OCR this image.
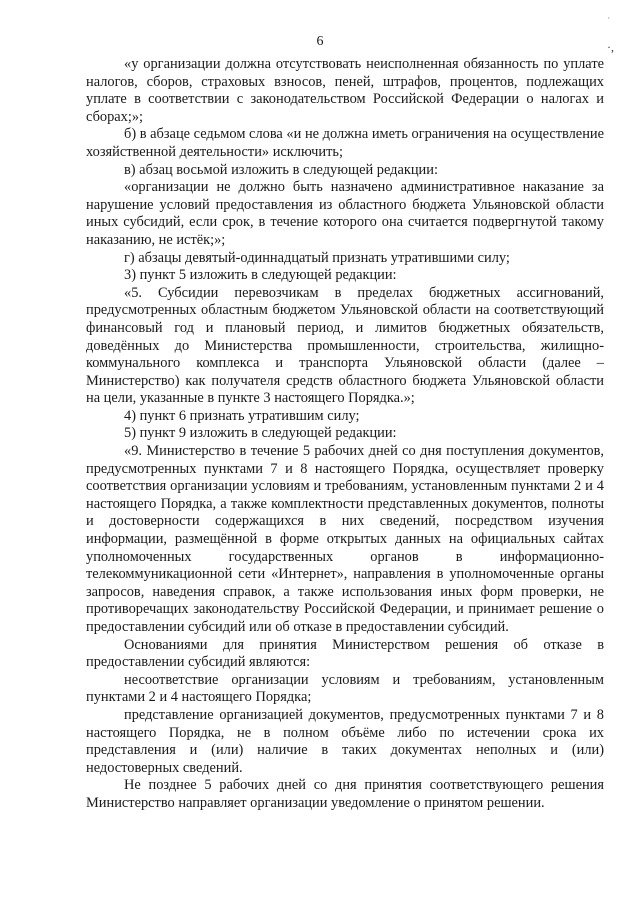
·
6	·,

«у организации должна отсутствовать неисполненная обязанность по уплате налогов, сборов, страховых взносов, пеней, штрафов, процентов, подлежащих уплате в соответствии с законодательством Российской Федерации о налогах и сборах;»;

б) в абзаце седьмом слова «и не должна иметь ограничения на осуществление хозяйственной деятельности» исключить;

в) абзац восьмой изложить в следующей редакции:

«организации не должно быть назначено административное наказание за нарушение условий предоставления из областного бюджета Ульяновской области иных субсидий, если срок, в течение которого она считается подвергнутой такому наказанию, не истёк;»;

г) абзацы девятый-одиннадцатый признать утратившими силу;

3) пункт 5 изложить в следующей редакции:

«5. Субсидии перевозчикам в пределах бюджетных ассигнований, предусмотренных областным бюджетом Ульяновской области на соответствующий финансовый год и плановый период, и лимитов бюджетных обязательств, доведённых до Министерства промышленности, строительства, жилищно-коммунального комплекса и транспорта Ульяновской области (далее – Министерство) как получателя средств областного бюджета Ульяновской области на цели, указанные в пункте 3 настоящего Порядка.»;

4) пункт 6 признать утратившим силу;

5) пункт 9 изложить в следующей редакции:

«9. Министерство в течение 5 рабочих дней со дня поступления документов, предусмотренных пунктами 7 и 8 настоящего Порядка, осуществляет проверку соответствия организации условиям и требованиям, установленным пунктами 2 и 4 настоящего Порядка, а также комплектности представленных документов, полноты и достоверности содержащихся в них сведений, посредством изучения информации, размещённой в форме открытых данных на официальных сайтах уполномоченных государственных органов в информационно-телекоммуникационной сети «Интернет», направления в уполномоченные органы запросов, наведения справок, а также использования иных форм проверки, не противоречащих законодательству Российской Федерации, и принимает решение о предоставлении субсидий или об отказе в предоставлении субсидий.

Основаниями для принятия Министерством решения об отказе в предоставлении субсидий являются:

несоответствие организации условиям и требованиям, установленным пунктами 2 и 4 настоящего Порядка;

представление организацией документов, предусмотренных пунктами 7 и 8 настоящего Порядка, не в полном объёме либо по истечении срока их представления и (или) наличие в таких документах неполных и (или) недостоверных сведений.

Не позднее 5 рабочих дней со дня принятия соответствующего решения Министерство направляет организации уведомление о принятом решении.
